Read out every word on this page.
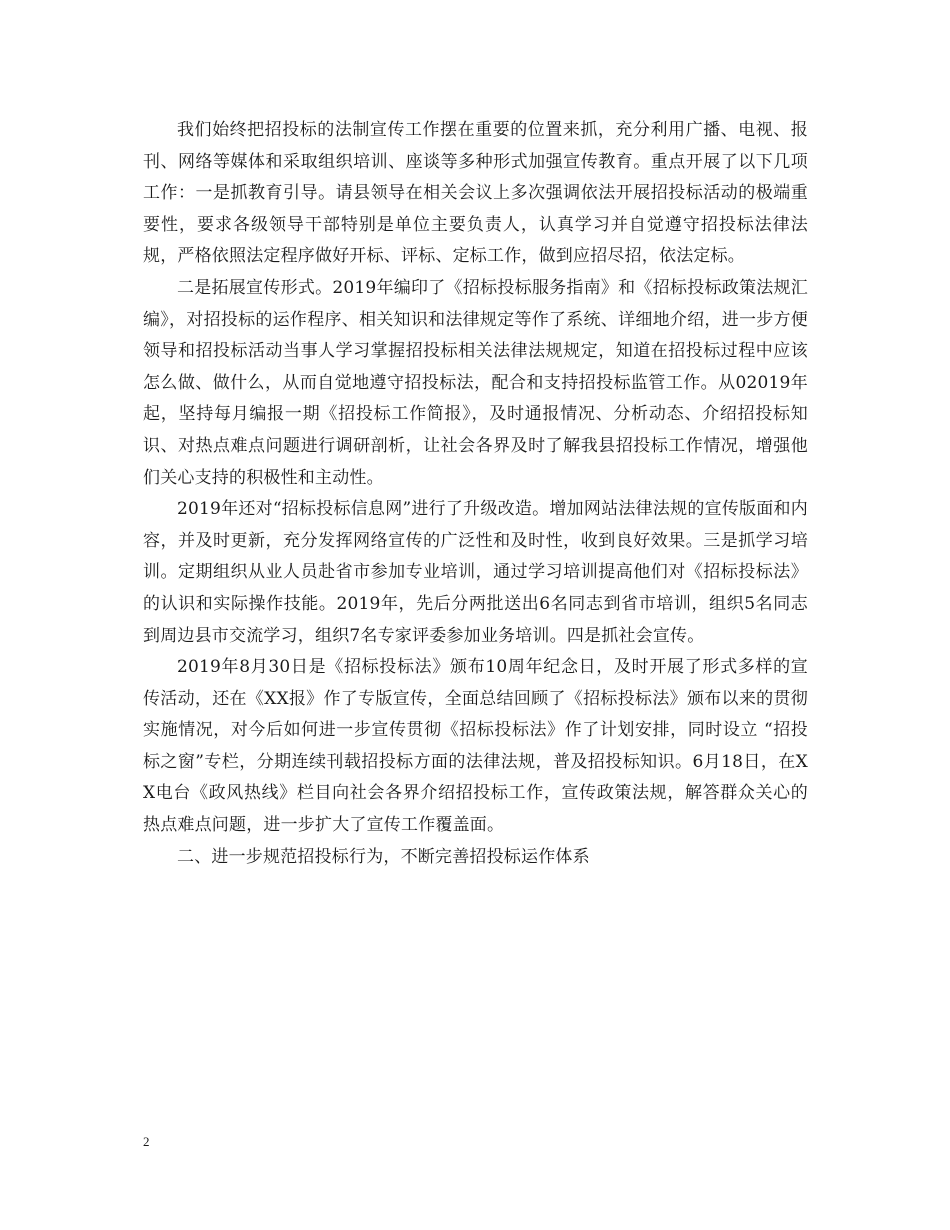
我们始终把招投标的法制宣传工作摆在重要的位置来抓，充分利用广播、电视、报刊、网络等媒体和采取组织培训、座谈等多种形式加强宣传教育。重点开展了以下几项工作：一是抓教育引导。请县领导在相关会议上多次强调依法开展招投标活动的极端重要性，要求各级领导干部特别是单位主要负责人，认真学习并自觉遵守招投标法律法规，严格依照法定程序做好开标、评标、定标工作，做到应招尽招，依法定标。

二是拓展宣传形式。2019年编印了《招标投标服务指南》和《招标投标政策法规汇编》，对招投标的运作程序、相关知识和法律规定等作了系统、详细地介绍，进一步方便领导和招投标活动当事人学习掌握招投标相关法律法规规定，知道在招投标过程中应该怎么做、做什么，从而自觉地遵守招投标法，配合和支持招投标监管工作。从02019年起，坚持每月编报一期《招投标工作简报》，及时通报情况、分析动态、介绍招投标知识、对热点难点问题进行调研剖析，让社会各界及时了解我县招投标工作情况，增强他们关心支持的积极性和主动性。

2019年还对“招标投标信息网”进行了升级改造。增加网站法律法规的宣传版面和内容，并及时更新，充分发挥网络宣传的广泛性和及时性，收到良好效果。三是抓学习培训。定期组织从业人员赴省市参加专业培训，通过学习培训提高他们对《招标投标法》的认识和实际操作技能。2019年，先后分两批送出6名同志到省市培训，组织5名同志到周边县市交流学习，组织7名专家评委参加业务培训。四是抓社会宣传。

2019年8月30日是《招标投标法》颁布10周年纪念日，及时开展了形式多样的宣传活动，还在《XX报》作了专版宣传，全面总结回顾了《招标投标法》颁布以来的贯彻实施情况，对今后如何进一步宣传贯彻《招标投标法》作了计划安排，同时设立 “招投标之窗”专栏，分期连续刊载招投标方面的法律法规，普及招投标知识。6月18日，在XX电台《政风热线》栏目向社会各界介绍招投标工作，宣传政策法规，解答群众关心的热点难点问题，进一步扩大了宣传工作覆盖面。

二、进一步规范招投标行为，不断完善招投标运作体系

2
